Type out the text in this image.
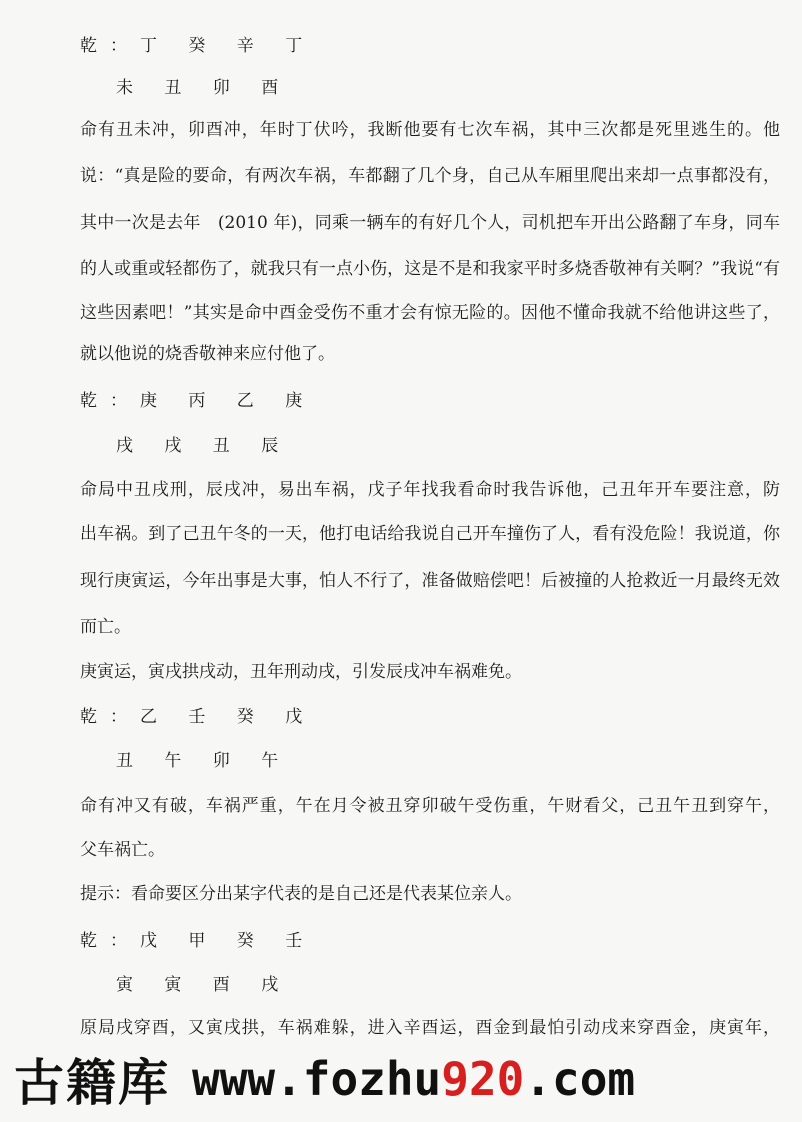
乾：丁 癸 辛 丁
未 丑 卯 酉
命有丑未冲，卯酉冲，年时丁伏吟，我断他要有七次车祸，其中三次都是死里逃生的。他
说：“真是险的要命，有两次车祸，车都翻了几个身，自己从车厢里爬出来却一点事都没有，
其中一次是去年　(2010 年)，同乘一辆车的有好几个人，司机把车开出公路翻了车身，同车
的人或重或轻都伤了，就我只有一点小伤，这是不是和我家平时多烧香敬神有关啊？”我说“有
这些因素吧！”其实是命中酉金受伤不重才会有惊无险的。因他不懂命我就不给他讲这些了，
就以他说的烧香敬神来应付他了。
乾：庚 丙 乙 庚
戌 戌 丑 辰
命局中丑戌刑，辰戌冲，易出车祸，戊子年找我看命时我告诉他，己丑年开车要注意，防
出车祸。到了己丑午冬的一天，他打电话给我说自己开车撞伤了人，看有没危险！我说道，你
现行庚寅运，今年出事是大事，怕人不行了，准备做赔偿吧！后被撞的人抢救近一月最终无效
而亡。
庚寅运，寅戌拱戌动，丑年刑动戌，引发辰戌冲车祸难免。
乾：乙 壬 癸 戊
丑 午 卯 午
命有冲又有破，车祸严重，午在月令被丑穿卯破午受伤重，午财看父，己丑午丑到穿午，
父车祸亡。
提示：看命要区分出某字代表的是自己还是代表某位亲人。
乾：戊 甲 癸 壬
寅 寅 酉 戌
原局戌穿酉，又寅戌拱，车祸难躲，进入辛酉运，酉金到最怕引动戌来穿酉金，庚寅年，
古籍库 www.fozhu 920 .com
